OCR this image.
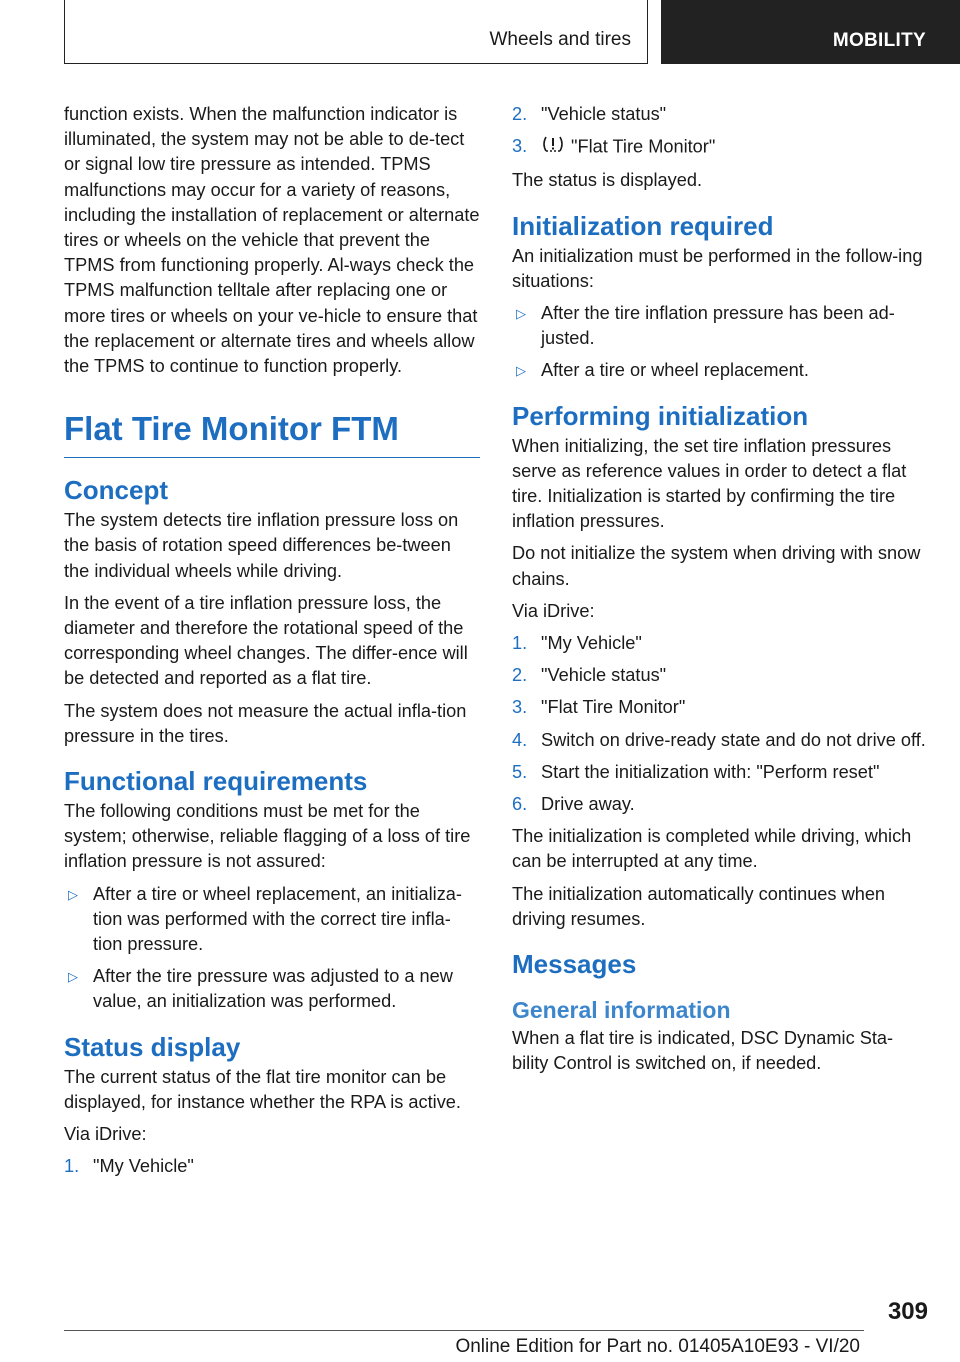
Wheels and tires	MOBILITY

function exists. When the malfunction indicator is illuminated, the system may not be able to de‐tect or signal low tire pressure as intended. TPMS malfunctions may occur for a variety of reasons, including the installation of replacement or alternate tires or wheels on the vehicle that prevent the TPMS from functioning properly. Al‐ways check the TPMS malfunction telltale after replacing one or more tires or wheels on your ve‐hicle to ensure that the replacement or alternate tires and wheels allow the TPMS to continue to function properly.

Flat Tire Monitor FTM
Concept

The system detects tire inflation pressure loss on the basis of rotation speed differences be‐tween the individual wheels while driving.

In the event of a tire inflation pressure loss, the diameter and therefore the rotational speed of the corresponding wheel changes. The differ‐ence will be detected and reported as a flat tire.

The system does not measure the actual infla‐tion pressure in the tires.

Functional requirements

The following conditions must be met for the system; otherwise, reliable flagging of a loss of tire inflation pressure is not assured:

▷ After a tire or wheel replacement, an initializa‐tion was performed with the correct tire infla‐tion pressure.
▷ After the tire pressure was adjusted to a new value, an initialization was performed.
Status display

The current status of the flat tire monitor can be displayed, for instance whether the RPA is active.

Via iDrive:

1. "My Vehicle"
2. "Vehicle status"
3.	"Flat Tire Monitor"

The status is displayed.

Initialization required

An initialization must be performed in the follow‐ing situations:

▷ After the tire inflation pressure has been ad‐justed.
▷ After a tire or wheel replacement.
Performing initialization

When initializing, the set tire inflation pressures serve as reference values in order to detect a flat tire. Initialization is started by confirming the tire inflation pressures.

Do not initialize the system when driving with snow chains.

Via iDrive:

1. "My Vehicle"
2. "Vehicle status"
3. "Flat Tire Monitor"
4. Switch on drive-ready state and do not drive off.
5. Start the initialization with: "Perform reset"
6. Drive away.

The initialization is completed while driving, which can be interrupted at any time.

The initialization automatically continues when driving resumes.

Messages
General information

When a flat tire is indicated, DSC Dynamic Sta‐bility Control is switched on, if needed.

309
Online Edition for Part no. 01405A10E93 - VI/20
